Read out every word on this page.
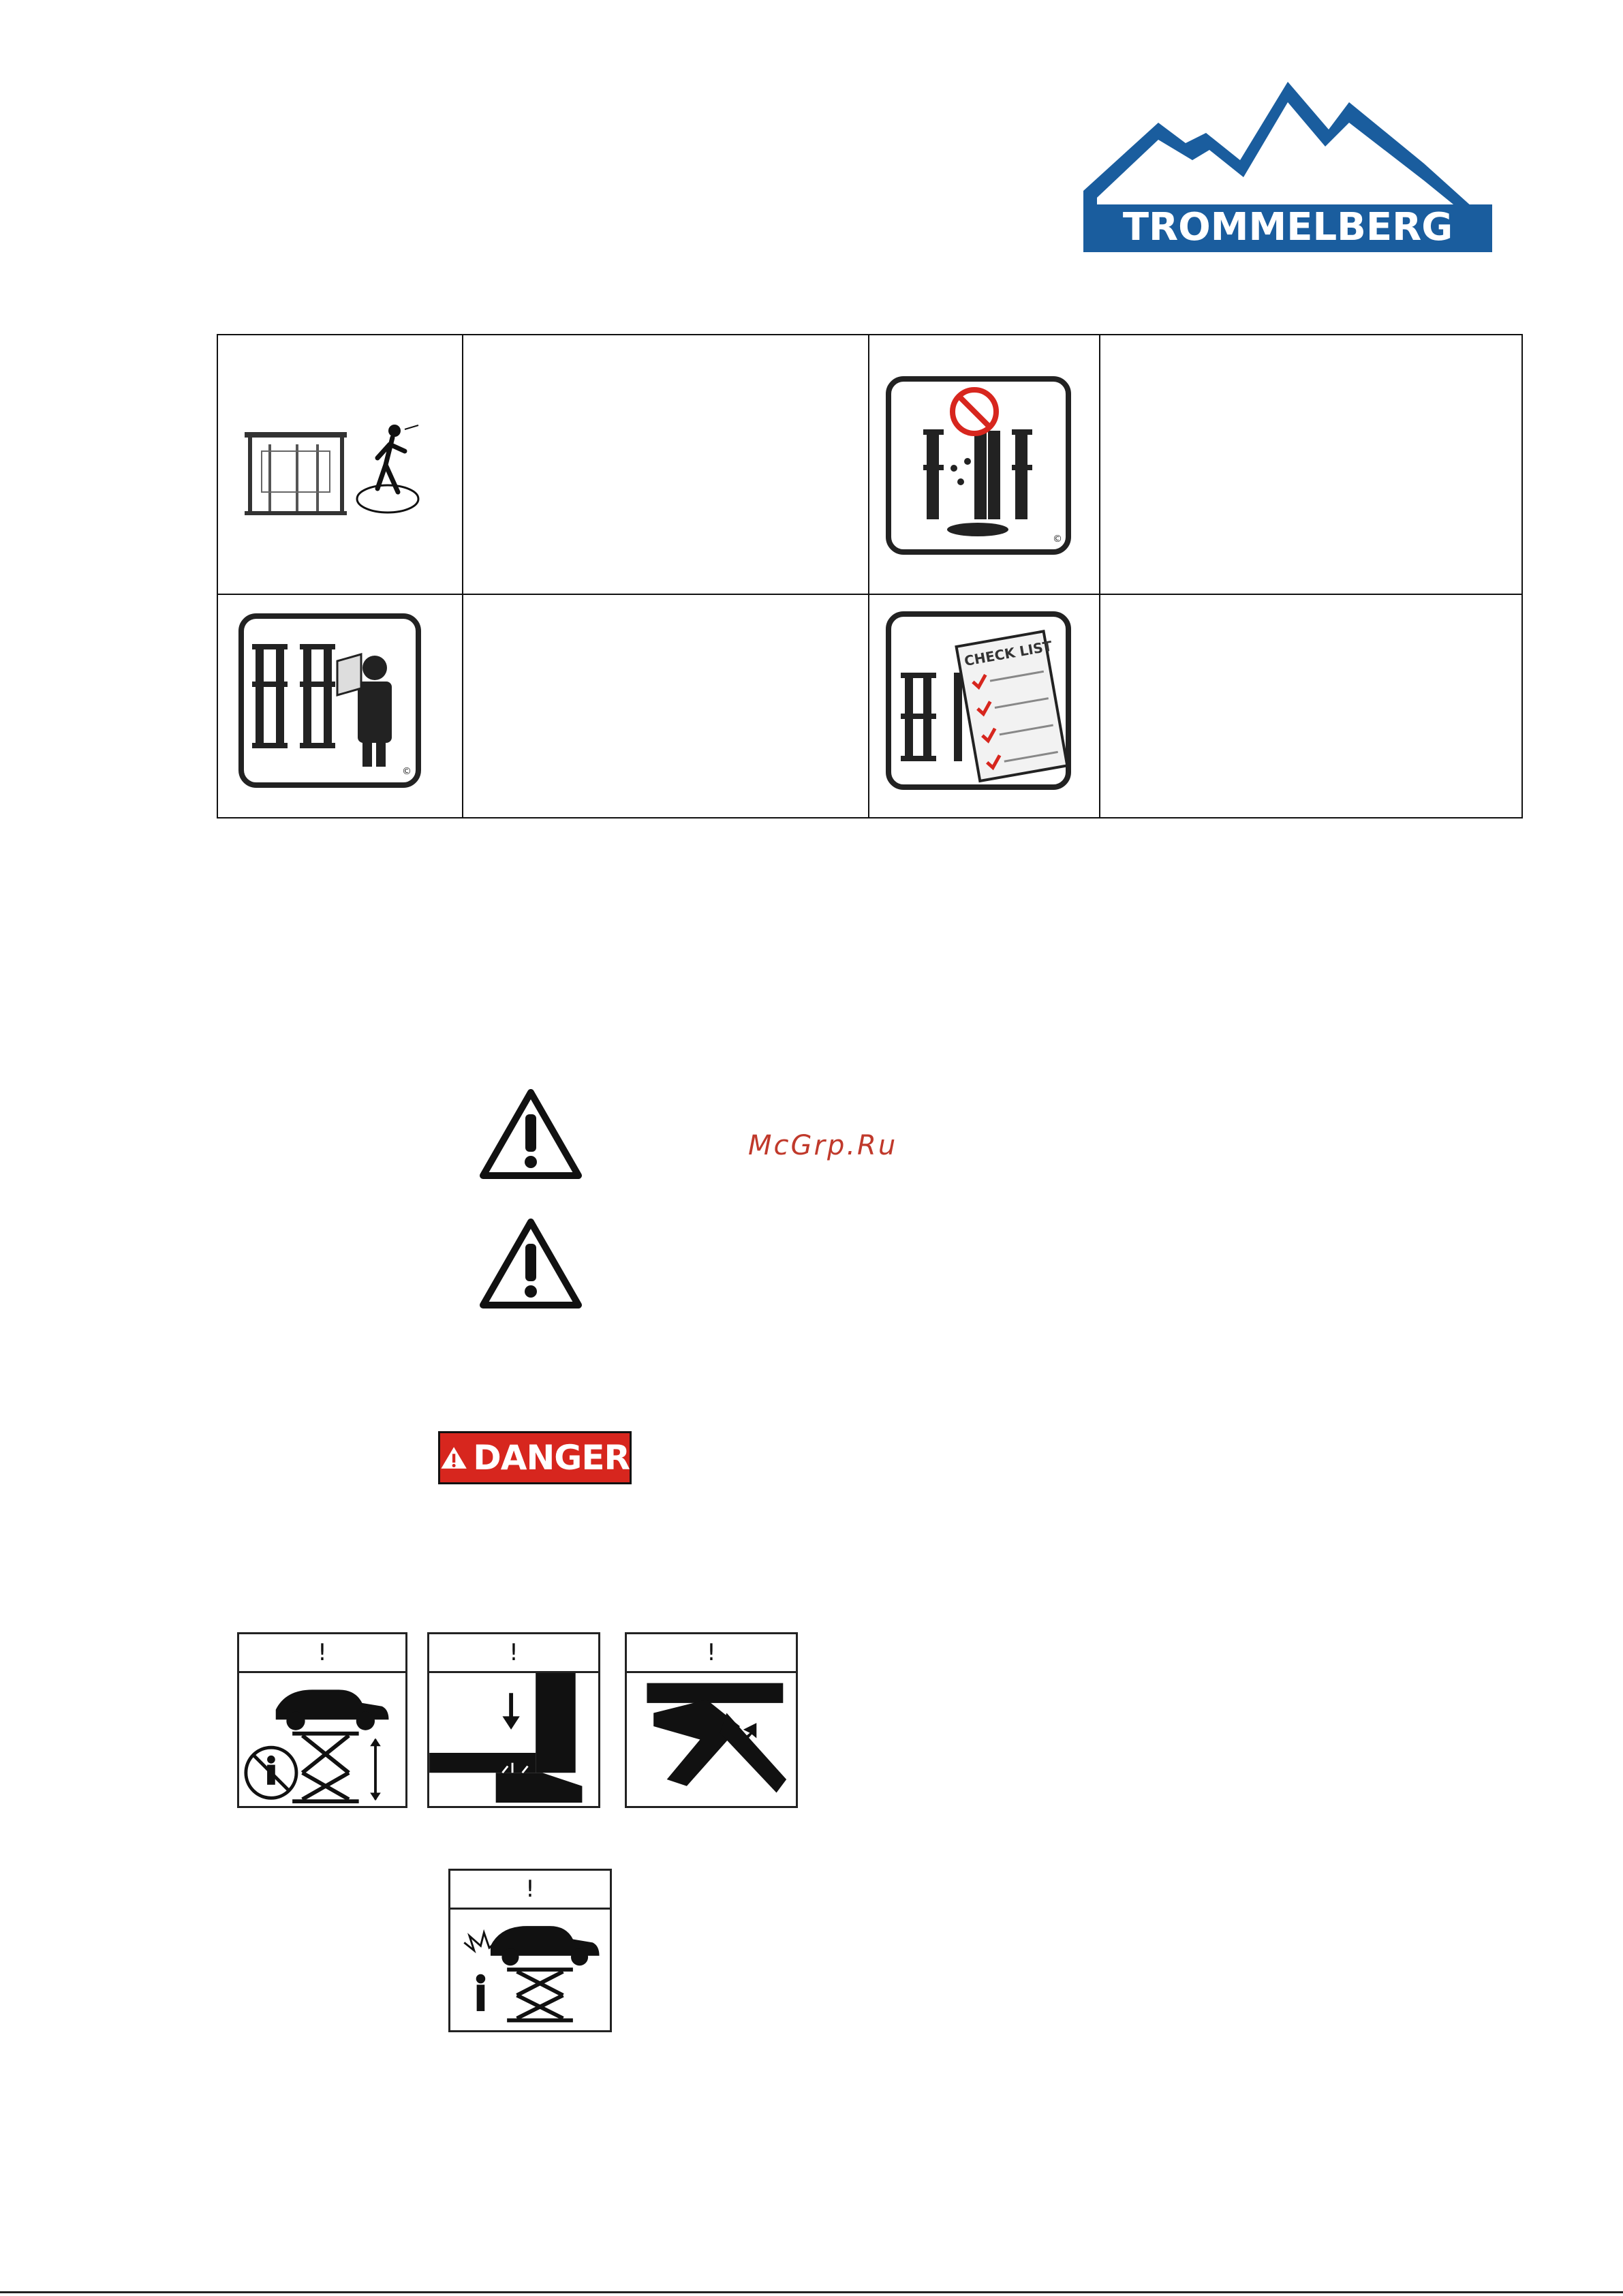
TROMMELBERG
©
©
CHECK LIST
McGrp.Ru
DANGER
!	!	!
!
